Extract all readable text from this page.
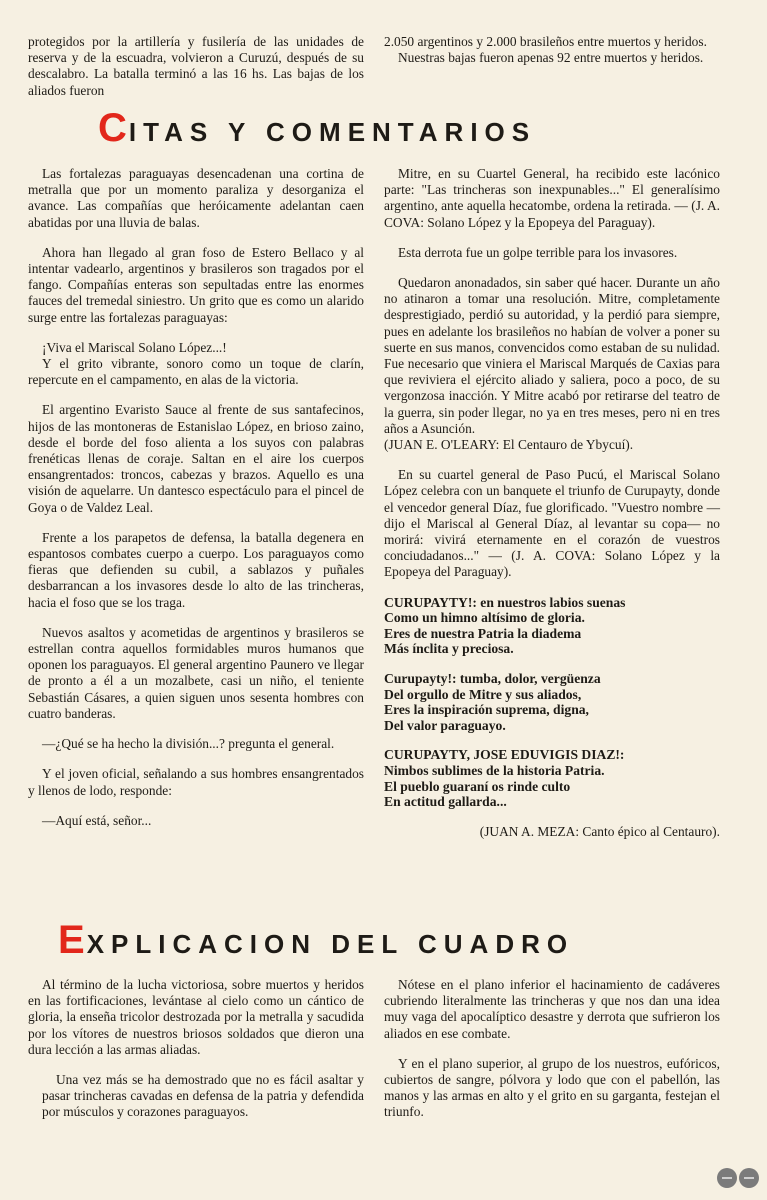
protegidos por la artillería y fusilería de las unidades de reserva y de la escuadra, volvieron a Curuzú, después de su descalabro. La batalla terminó a las 16 hs. Las bajas de los aliados fueron

2.050 argentinos y 2.000 brasileños entre muertos y heridos.

Nuestras bajas fueron apenas 92 entre muertos y heridos.

CITAS Y COMENTARIOS

Las fortalezas paraguayas desencadenan una cortina de metralla que por un momento paraliza y desorganiza el avance. Las compañías que heróicamente adelantan caen abatidas por una lluvia de balas.

Ahora han llegado al gran foso de Estero Bellaco y al intentar vadearlo, argentinos y brasileros son tragados por el fango. Compañías enteras son sepultadas entre las enormes fauces del tremedal siniestro. Un grito que es como un alarido surge entre las fortalezas paraguayas:

¡Viva el Mariscal Solano López...!

Y el grito vibrante, sonoro como un toque de clarín, repercute en el campamento, en alas de la victoria.

El argentino Evaristo Sauce al frente de sus santafecinos, hijos de las montoneras de Estanislao López, en brioso zaino, desde el borde del foso alienta a los suyos con palabras frenéticas llenas de coraje. Saltan en el aire los cuerpos ensangrentados: troncos, cabezas y brazos. Aquello es una visión de aquelarre. Un dantesco espectáculo para el pincel de Goya o de Valdez Leal.

Frente a los parapetos de defensa, la batalla degenera en espantosos combates cuerpo a cuerpo. Los paraguayos como fieras que defienden su cubil, a sablazos y puñales desbarrancan a los invasores desde lo alto de las trincheras, hacia el foso que se los traga.

Nuevos asaltos y acometidas de argentinos y brasileros se estrellan contra aquellos formidables muros humanos que oponen los paraguayos. El general argentino Paunero ve llegar de pronto a él a un mozalbete, casi un niño, el teniente Sebastián Cásares, a quien siguen unos sesenta hombres con cuatro banderas.

—¿Qué se ha hecho la división...? pregunta el general.

Y el joven oficial, señalando a sus hombres ensangrentados y llenos de lodo, responde:

—Aquí está, señor...

Mitre, en su Cuartel General, ha recibido este lacónico parte: "Las trincheras son inexpunables..." El generalísimo argentino, ante aquella hecatombe, ordena la retirada. — (J. A. COVA: Solano López y la Epopeya del Paraguay).

Esta derrota fue un golpe terrible para los invasores.

Quedaron anonadados, sin saber qué hacer. Durante un año no atinaron a tomar una resolución. Mitre, completamente desprestigiado, perdió su autoridad, y la perdió para siempre, pues en adelante los brasileños no habían de volver a poner su suerte en sus manos, convencidos como estaban de su nulidad. Fue necesario que viniera el Mariscal Marqués de Caxias para que reviviera el ejército aliado y saliera, poco a poco, de su vergonzosa inacción. Y Mitre acabó por retirarse del teatro de la guerra, sin poder llegar, no ya en tres meses, pero ni en tres años a Asunción.

(JUAN E. O'LEARY: El Centauro de Ybycuí).

En su cuartel general de Paso Pucú, el Mariscal Solano López celebra con un banquete el triunfo de Curupayty, donde el vencedor general Díaz, fue glorificado. "Vuestro nombre —dijo el Mariscal al General Díaz, al levantar su copa— no morirá: vivirá eternamente en el corazón de vuestros conciudadanos..." — (J. A. COVA: Solano López y la Epopeya del Paraguay).

CURUPAYTY!: en nuestros labios suenas
Como un himno altísimo de gloria.
Eres de nuestra Patria la diadema
Más ínclita y preciosa.
Curupayty!: tumba, dolor, vergüenza
Del orgullo de Mitre y sus aliados,
Eres la inspiración suprema, digna,
Del valor paraguayo.
CURUPAYTY, JOSE EDUVIGIS DIAZ!:
Nimbos sublimes de la historia Patria.
El pueblo guaraní os rinde culto
En actitud gallarda...

(JUAN A. MEZA: Canto épico al Centauro).

EXPLICACION DEL CUADRO

Al término de la lucha victoriosa, sobre muertos y heridos en las fortificaciones, levántase al cielo como un cántico de gloria, la enseña tricolor destrozada por la metralla y sacudida por los vítores de nuestros briosos soldados que dieron una dura lección a las armas aliadas.

Una vez más se ha demostrado que no es fácil asaltar y pasar trincheras cavadas en defensa de la patria y defendida por músculos y corazones paraguayos.

Nótese en el plano inferior el hacinamiento de cadáveres cubriendo literalmente las trincheras y que nos dan una idea muy vaga del apocalíptico desastre y derrota que sufrieron los aliados en ese combate.

Y en el plano superior, al grupo de los nuestros, eufóricos, cubiertos de sangre, pólvora y lodo que con el pabellón, las manos y las armas en alto y el grito en su garganta, festejan el triunfo.
